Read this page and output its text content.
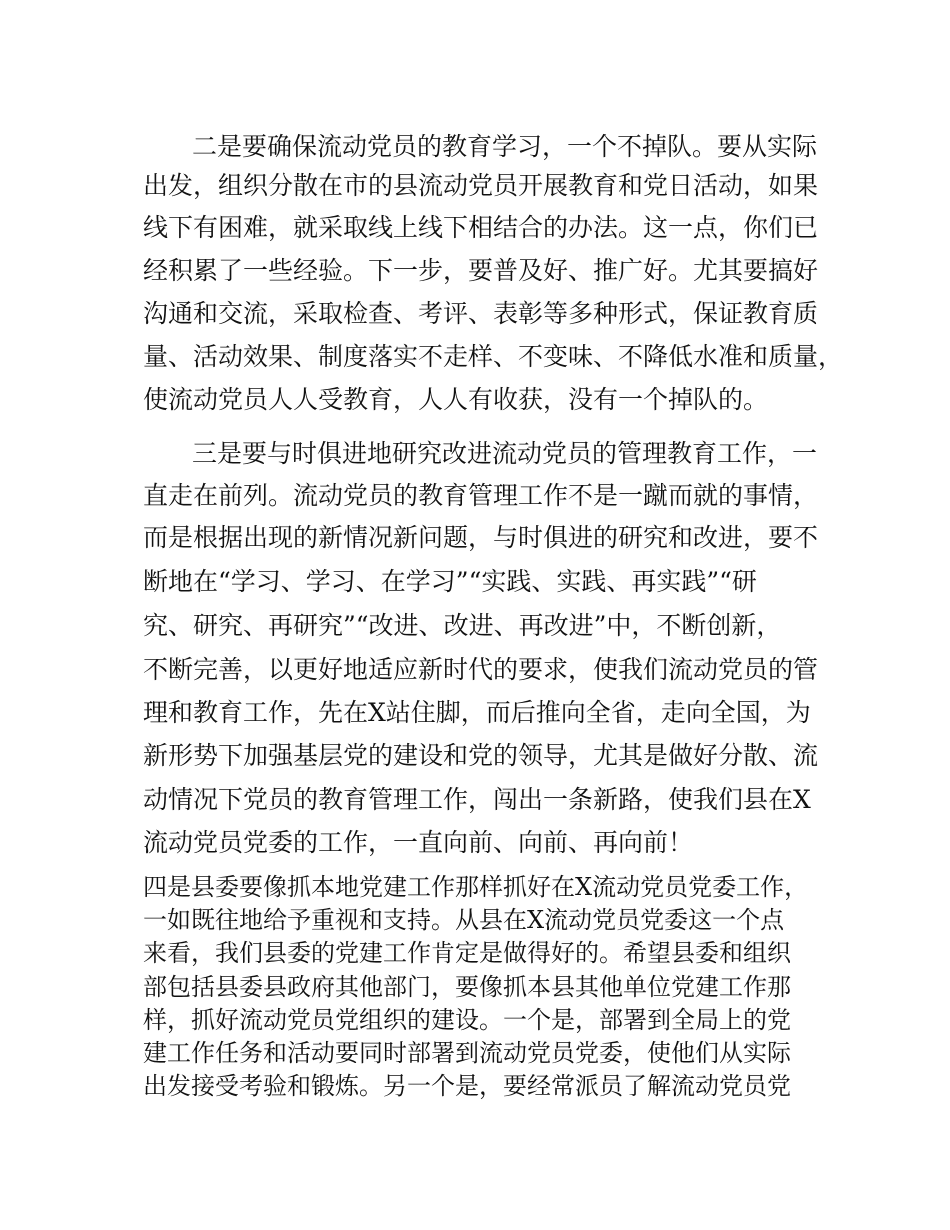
二是要确保流动党员的教育学习，一个不掉队。要从实际
出发，组织分散在市的县流动党员开展教育和党日活动，如果
线下有困难，就采取线上线下相结合的办法。这一点，你们已
经积累了一些经验。下一步，要普及好、推广好。尤其要搞好
沟通和交流，采取检查、考评、表彰等多种形式，保证教育质
量、活动效果、制度落实不走样、不变味、不降低水准和质量，
使流动党员人人受教育，人人有收获，没有一个掉队的。
三是要与时俱进地研究改进流动党员的管理教育工作，一
直走在前列。流动党员的教育管理工作不是一蹴而就的事情，
而是根据出现的新情况新问题，与时俱进的研究和改进，要不
断地在“学习、学习、在学习”“实践、实践、再实践”“研
究、研究、再研究”“改进、改进、再改进”中，不断创新，
不断完善，以更好地适应新时代的要求，使我们流动党员的管
理和教育工作，先在X站住脚，而后推向全省，走向全国，为
新形势下加强基层党的建设和党的领导，尤其是做好分散、流
动情况下党员的教育管理工作，闯出一条新路，使我们县在X
流动党员党委的工作，一直向前、向前、再向前！
四是县委要像抓本地党建工作那样抓好在X流动党员党委工作，
一如既往地给予重视和支持。从县在X流动党员党委这一个点
来看，我们县委的党建工作肯定是做得好的。希望县委和组织
部包括县委县政府其他部门，要像抓本县其他单位党建工作那
样，抓好流动党员党组织的建设。一个是，部署到全局上的党
建工作任务和活动要同时部署到流动党员党委，使他们从实际
出发接受考验和锻炼。另一个是，要经常派员了解流动党员党
